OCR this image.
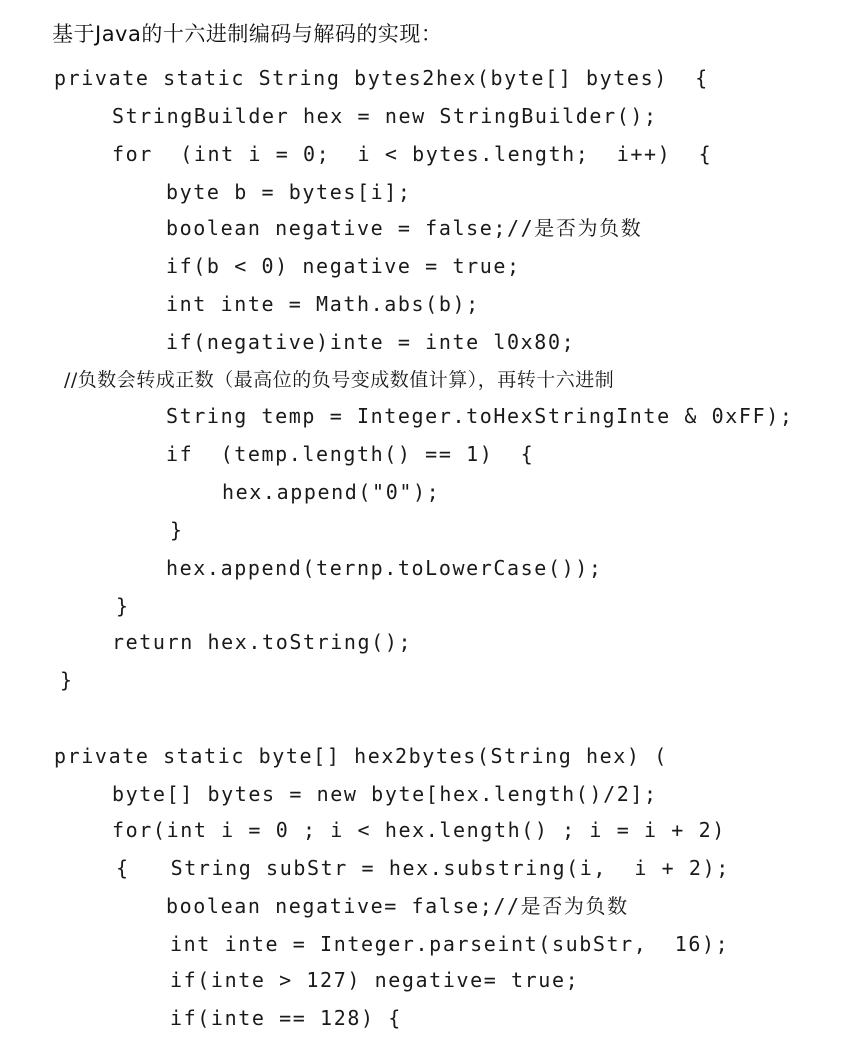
基于Java的十六进制编码与解码的实现：
private static String bytes2hex(byte[] bytes)  {
StringBuilder hex = new StringBuilder();
for  (int i = 0;  i < bytes.length;  i++)  {
byte b = bytes[i];
boolean negative = false;//是否为负数
if(b < 0) negative = true;
int inte = Math.abs(b);
if(negative)inte = inte l0x80;
//负数会转成正数（最高位的负号变成数值计算），再转十六进制
String temp = Integer.toHexStringInte & 0xFF);
if  (temp.length() == 1)  {
hex.append("0");
}
hex.append(ternp.toLowerCase());
}
return hex.toString();
}
private static byte[] hex2bytes(String hex) (
byte[] bytes = new byte[hex.length()/2];
for(int i = 0 ; i < hex.length() ; i = i + 2)
{   String subStr = hex.substring(i,  i + 2);
boolean negative= false;//是否为负数
int inte = Integer.parseint(subStr,  16);
if(inte > 127) negative= true;
if(inte == 128) {
